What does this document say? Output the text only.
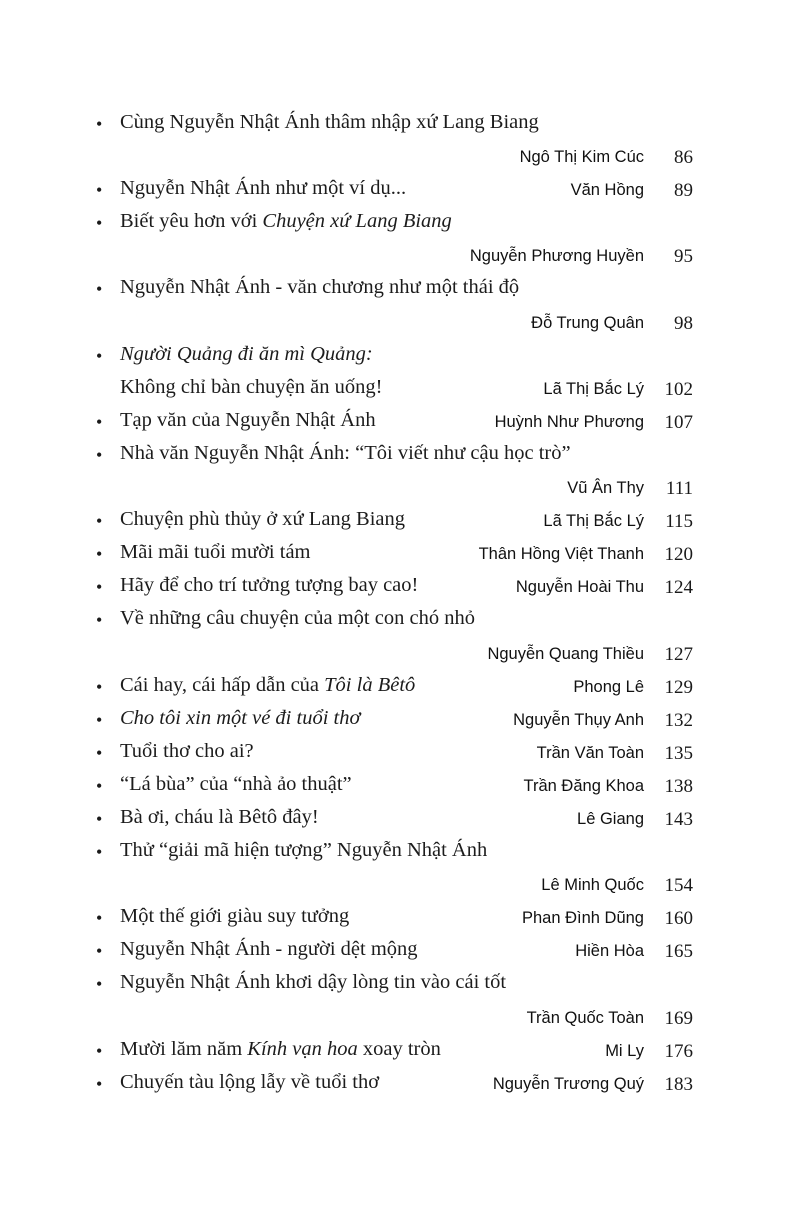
• Cùng Nguyễn Nhật Ánh thâm nhập xứ Lang Biang
Ngô Thị Kim Cúc 86
• Nguyễn Nhật Ánh như một ví dụ...	Văn Hồng 89
• Biết yêu hơn với Chuyện xứ Lang Biang
Nguyễn Phương Huyền 95
• Nguyễn Nhật Ánh - văn chương như một thái độ
Đỗ Trung Quân 98
• Người Quảng đi ăn mì Quảng:
Không chỉ bàn chuyện ăn uống!	Lã Thị Bắc Lý 102
• Tạp văn của Nguyễn Nhật Ánh	Huỳnh Như Phương 107
• Nhà văn Nguyễn Nhật Ánh: “Tôi viết như cậu học trò”
Vũ Ân Thy 111
• Chuyện phù thủy ở xứ Lang Biang	Lã Thị Bắc Lý 115
• Mãi mãi tuổi mười tám	Thân Hồng Việt Thanh 120
• Hãy để cho trí tưởng tượng bay cao!	Nguyễn Hoài Thu 124
• Về những câu chuyện của một con chó nhỏ
Nguyễn Quang Thiều 127
• Cái hay, cái hấp dẫn của Tôi là Bêtô	Phong Lê 129
• Cho tôi xin một vé đi tuổi thơ	Nguyễn Thụy Anh 132
• Tuổi thơ cho ai?	Trần Văn Toàn 135
• “Lá bùa” của “nhà ảo thuật”	Trần Đăng Khoa 138
• Bà ơi, cháu là Bêtô đây!	Lê Giang 143
• Thử “giải mã hiện tượng” Nguyễn Nhật Ánh
Lê Minh Quốc 154
• Một thế giới giàu suy tưởng	Phan Đình Dũng 160
• Nguyễn Nhật Ánh - người dệt mộng	Hiền Hòa 165
• Nguyễn Nhật Ánh khơi dậy lòng tin vào cái tốt
Trần Quốc Toàn 169
• Mười lăm năm Kính vạn hoa xoay tròn	Mi Ly 176
• Chuyến tàu lộng lẫy về tuổi thơ	Nguyễn Trương Quý 183
